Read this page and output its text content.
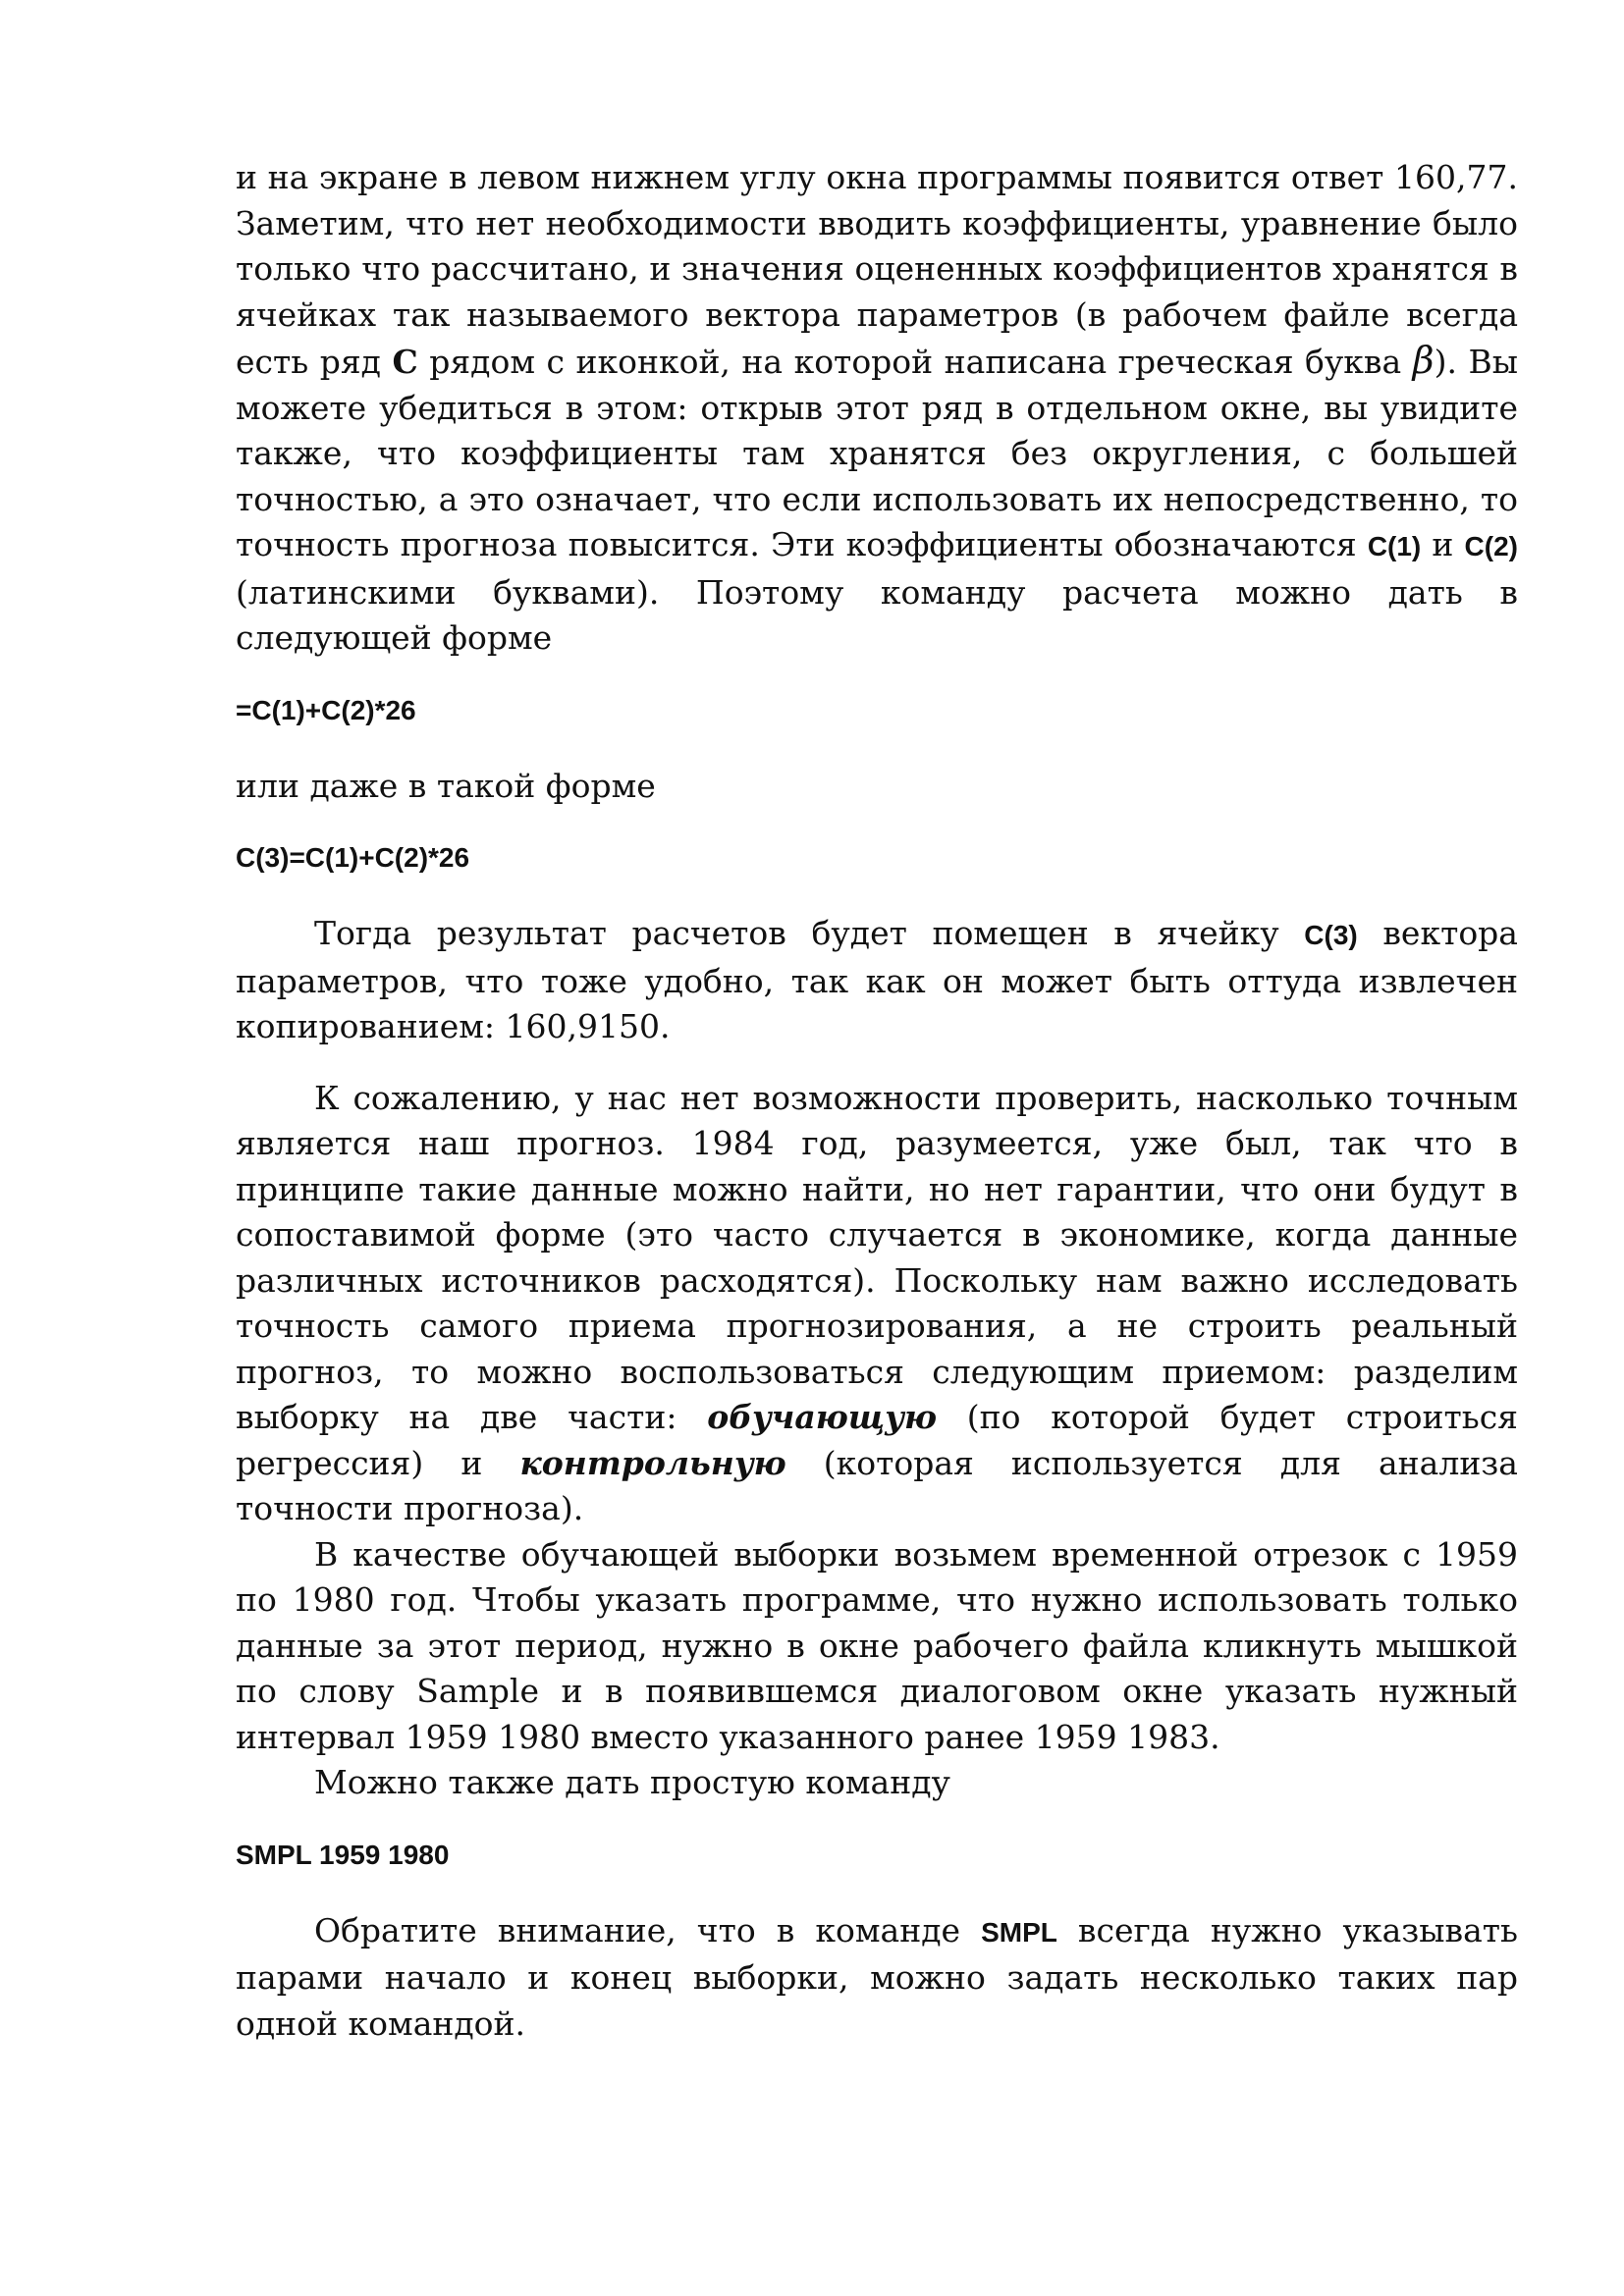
и на экране в левом нижнем углу окна программы появится ответ 160,77. Заметим, что нет необходимости вводить коэффициенты, уравнение было только что рассчитано, и значения оцененных коэффициентов хранятся в ячейках так называемого вектора параметров (в рабочем файле всегда есть ряд C рядом с иконкой, на которой написана греческая буква β). Вы можете убедиться в этом: открыв этот ряд в отдельном окне, вы увидите также, что коэффициенты там хранятся без округления, с большей точностью, а это означает, что если использовать их непосредственно, то точность прогноза повысится. Эти коэффициенты обозначаются C(1) и C(2) (латинскими буквами). Поэтому команду расчета можно дать в следующей форме

=C(1)+C(2)*26

или даже в такой форме

C(3)=C(1)+C(2)*26

Тогда результат расчетов будет помещен в ячейку C(3) вектора параметров, что тоже удобно, так как он может быть оттуда извлечен копированием: 160,9150.

К сожалению, у нас нет возможности проверить, насколько точным является наш прогноз. 1984 год, разумеется, уже был, так что в принципе такие данные можно найти, но нет гарантии, что они будут в сопоставимой форме (это часто случается в экономике, когда данные различных источников расходятся). Поскольку нам важно исследовать точность самого приема прогнозирования, а не строить реальный прогноз, то можно воспользоваться следующим приемом: разделим выборку на две части: обучающую (по которой будет строиться регрессия) и контрольную (которая используется для анализа точности прогноза).

В качестве обучающей выборки возьмем временной отрезок с 1959 по 1980 год. Чтобы указать программе, что нужно использовать только данные за этот период, нужно в окне рабочего файла кликнуть мышкой по слову Sample и в появившемся диалоговом окне указать нужный интервал 1959 1980 вместо указанного ранее 1959 1983.

Можно также дать простую команду

SMPL 1959 1980

Обратите внимание, что в команде SMPL всегда нужно указывать парами начало и конец выборки, можно задать несколько таких пар одной командой.
